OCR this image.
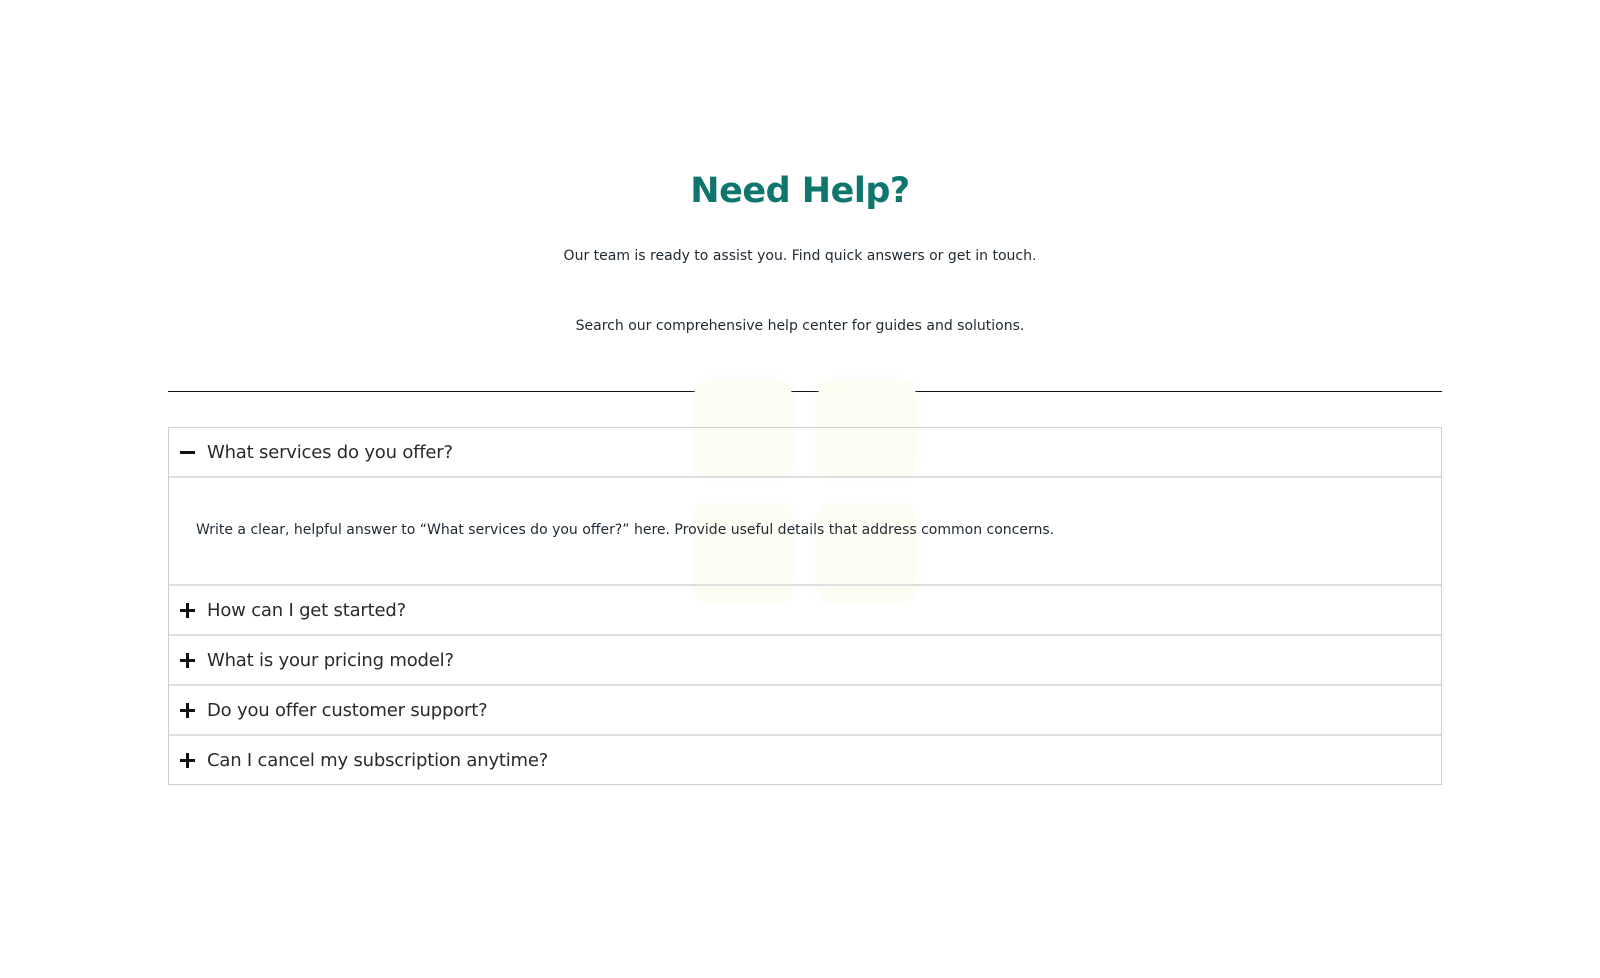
Need Help?

Our team is ready to assist you. Find quick answers or get in touch.

Search our comprehensive help center for guides and solutions.

What services do you offer?
Write a clear, helpful answer to “What services do you offer?” here. Provide useful details that address common concerns.
How can I get started?
What is your pricing model?
Do you offer customer support?
Can I cancel my subscription anytime?
